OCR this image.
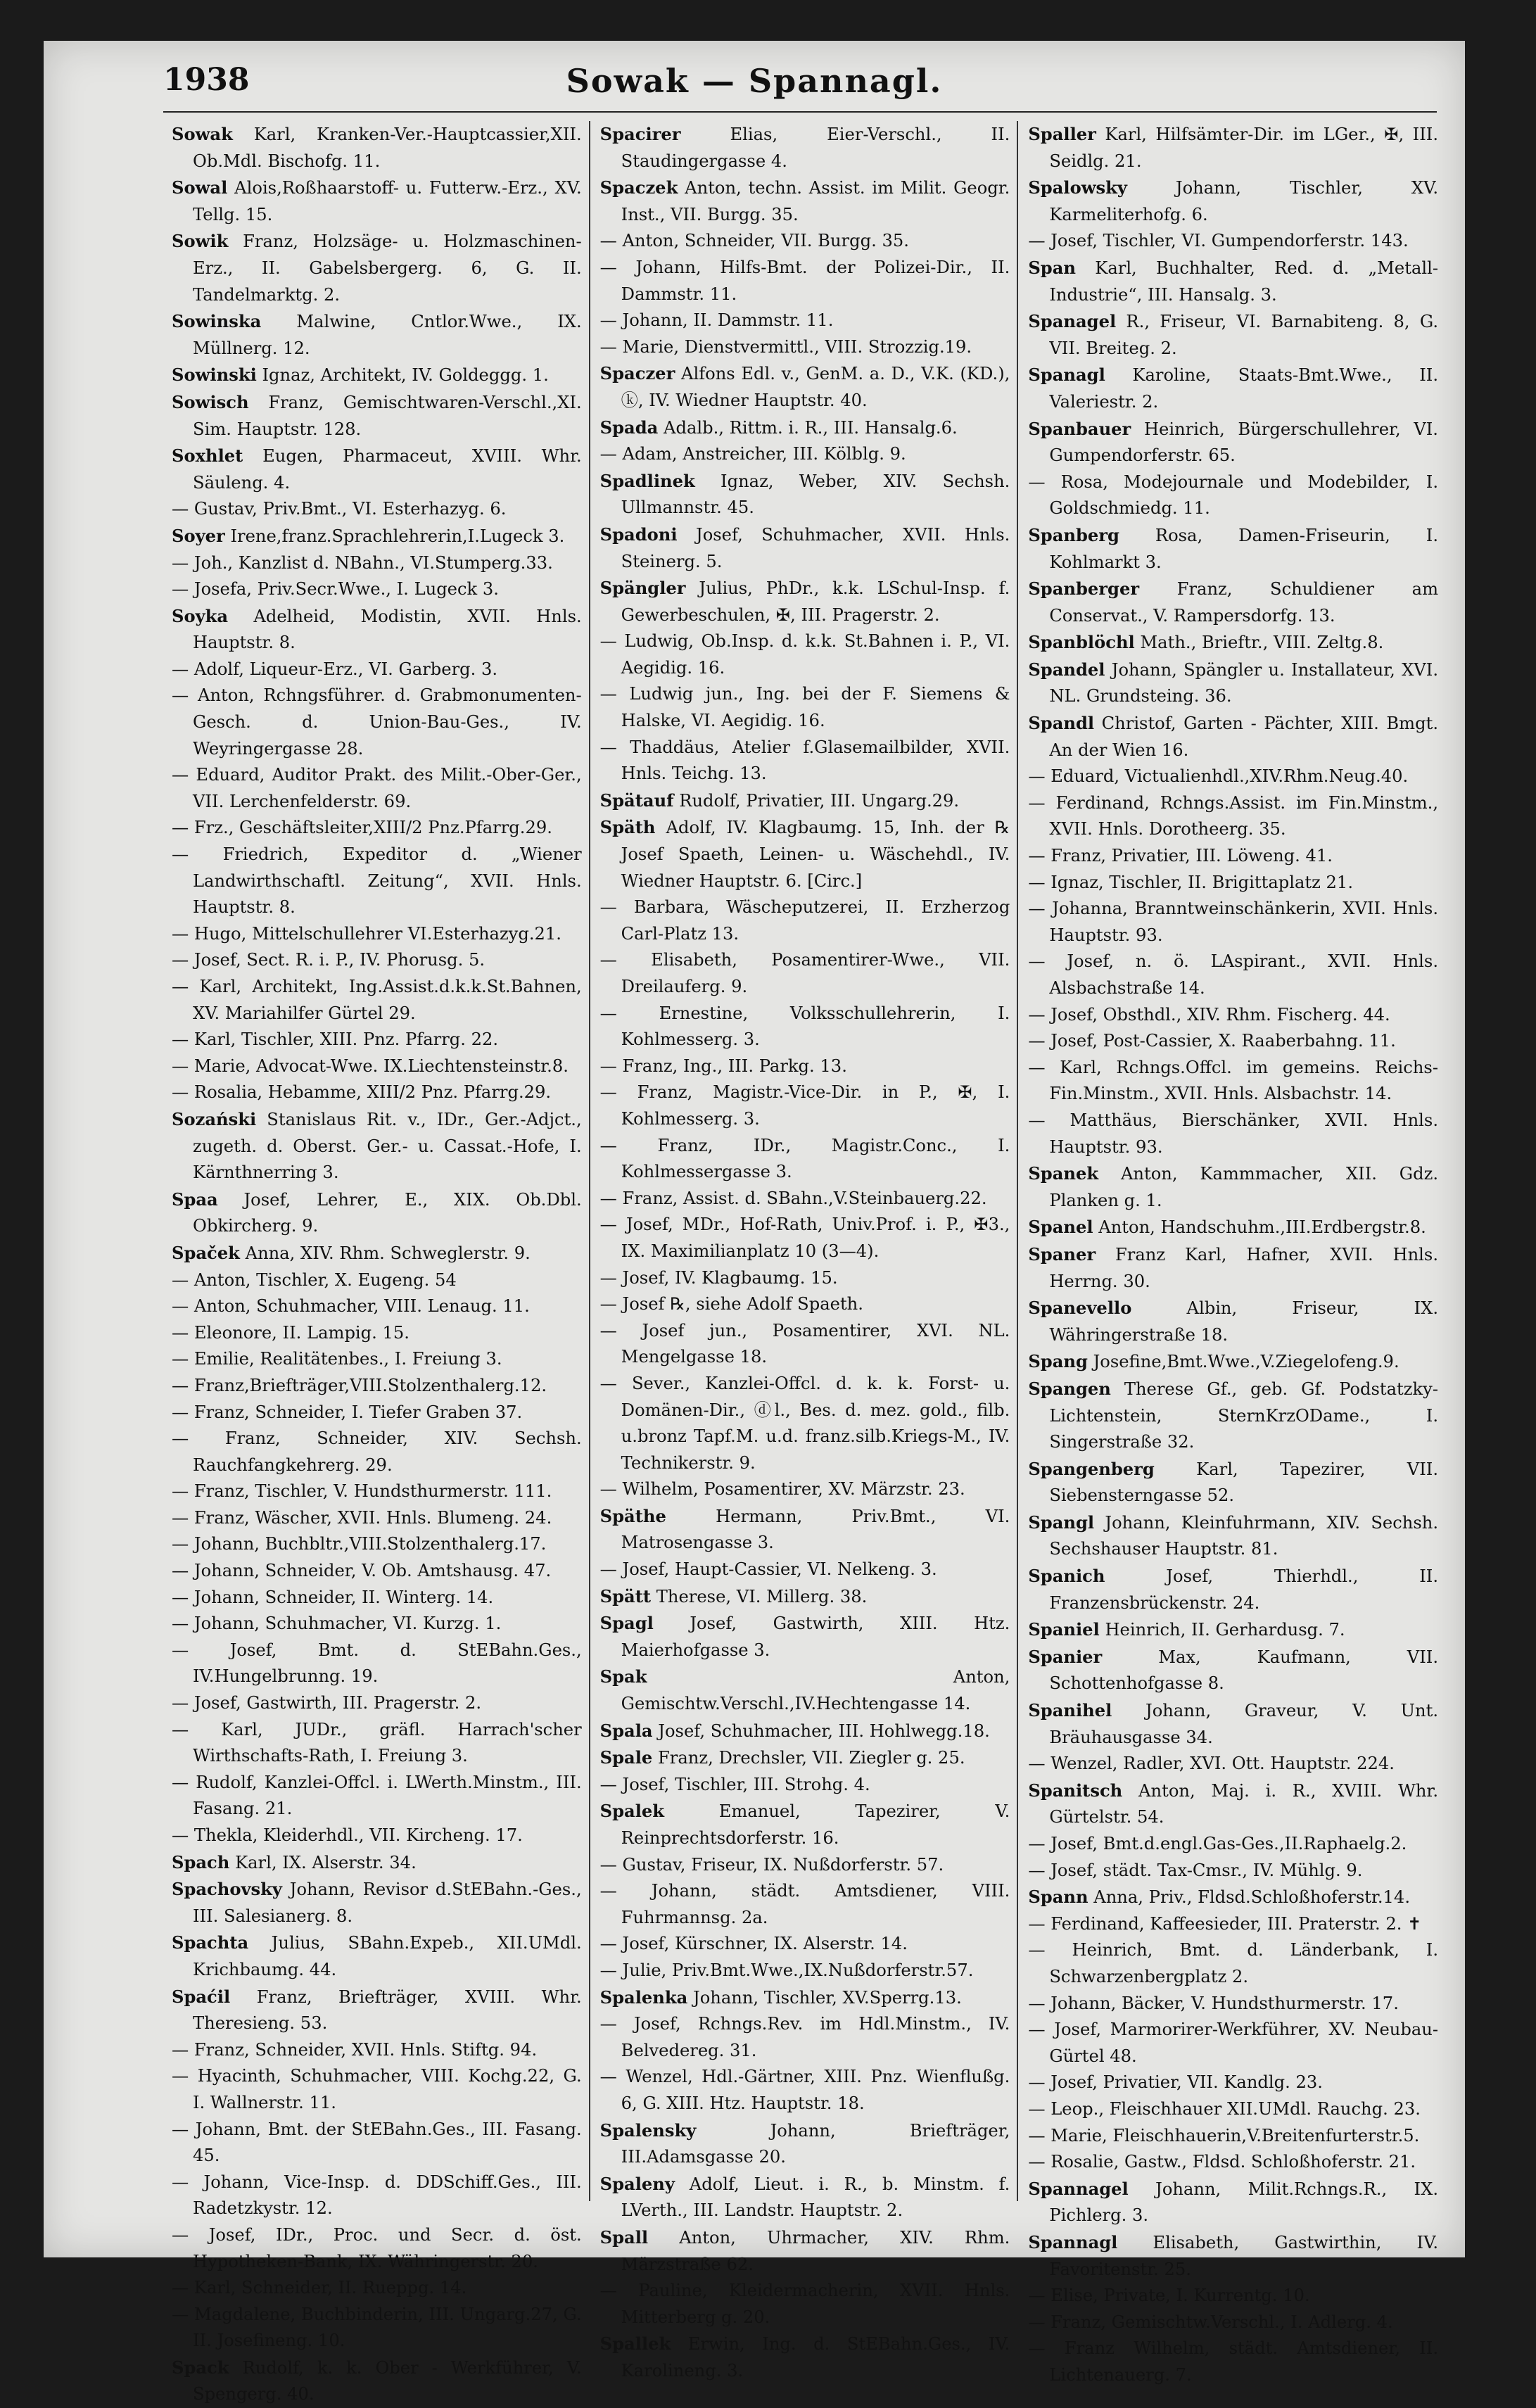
1938	Sowak — Spannagl.

Sowak Karl, Kranken-Ver.-Hauptcassier,XII. Ob.Mdl. Bischofg. 11.

Sowal Alois,Roßhaarstoff- u. Futterw.-Erz., XV. Tellg. 15.

Sowik Franz, Holzsäge- u. Holzmaschinen-Erz., II. Gabelsbergerg. 6, G. II. Tandelmarktg. 2.

Sowinska Malwine, Cntlor.Wwe., IX. Müllnerg. 12.

Sowinski Ignaz, Architekt, IV. Goldeggg. 1.

Sowisch Franz, Gemischtwaren-Verschl.,XI. Sim. Hauptstr. 128.

Soxhlet Eugen, Pharmaceut, XVIII. Whr. Säuleng. 4.

— Gustav, Priv.Bmt., VI. Esterhazyg. 6.

Soyer Irene,franz.Sprachlehrerin,I.Lugeck 3.

— Joh., Kanzlist d. NBahn., VI.Stumperg.33.

— Josefa, Priv.Secr.Wwe., I. Lugeck 3.

Soyka Adelheid, Modistin, XVII. Hnls. Hauptstr. 8.

— Adolf, Liqueur-Erz., VI. Garberg. 3.

— Anton, Rchngsführer. d. Grabmonumenten-Gesch. d. Union-Bau-Ges., IV. Weyringergasse 28.

— Eduard, Auditor Prakt. des Milit.-Ober-Ger., VII. Lerchenfelderstr. 69.

— Frz., Geschäftsleiter,XIII/2 Pnz.Pfarrg.29.

— Friedrich, Expeditor d. „Wiener Landwirthschaftl. Zeitung“, XVII. Hnls. Hauptstr. 8.

— Hugo, Mittelschullehrer VI.Esterhazyg.21.

— Josef, Sect. R. i. P., IV. Phorusg. 5.

— Karl, Architekt, Ing.Assist.d.k.k.St.Bahnen, XV. Mariahilfer Gürtel 29.

— Karl, Tischler, XIII. Pnz. Pfarrg. 22.

— Marie, Advocat-Wwe. IX.Liechtensteinstr.8.

— Rosalia, Hebamme, XIII/2 Pnz. Pfarrg.29.

Sozański Stanislaus Rit. v., IDr., Ger.-Adjct., zugeth. d. Oberst. Ger.- u. Cassat.-Hofe, I. Kärnthnerring 3.

Spaa Josef, Lehrer, E., XIX. Ob.Dbl. Obkircherg. 9.

Spaček Anna, XIV. Rhm. Schweglerstr. 9.

— Anton, Tischler, X. Eugeng. 54

— Anton, Schuhmacher, VIII. Lenaug. 11.

— Eleonore, II. Lampig. 15.

— Emilie, Realitätenbes., I. Freiung 3.

— Franz,Briefträger,VIII.Stolzenthalerg.12.

— Franz, Schneider, I. Tiefer Graben 37.

— Franz, Schneider, XIV. Sechsh. Rauchfangkehrerg. 29.

— Franz, Tischler, V. Hundsthurmerstr. 111.

— Franz, Wäscher, XVII. Hnls. Blumeng. 24.

— Johann, Buchbltr.,VIII.Stolzenthalerg.17.

— Johann, Schneider, V. Ob. Amtshausg. 47.

— Johann, Schneider, II. Winterg. 14.

— Johann, Schuhmacher, VI. Kurzg. 1.

— Josef, Bmt. d. StEBahn.Ges., IV.Hungelbrunng. 19.

— Josef, Gastwirth, III. Pragerstr. 2.

— Karl, JUDr., gräfl. Harrach'scher Wirthschafts-Rath, I. Freiung 3.

— Rudolf, Kanzlei-Offcl. i. LWerth.Minstm., III. Fasang. 21.

— Thekla, Kleiderhdl., VII. Kircheng. 17.

Spach Karl, IX. Alserstr. 34.

Spachovsky Johann, Revisor d.StEBahn.-Ges., III. Salesianerg. 8.

Spachta Julius, SBahn.Expeb., XII.UMdl. Krichbaumg. 44.

Spaćil Franz, Briefträger, XVIII. Whr. Theresieng. 53.

— Franz, Schneider, XVII. Hnls. Stiftg. 94.

— Hyacinth, Schuhmacher, VIII. Kochg.22, G. I. Wallnerstr. 11.

— Johann, Bmt. der StEBahn.Ges., III. Fasang. 45.

— Johann, Vice-Insp. d. DDSchiff.Ges., III. Radetzkystr. 12.

— Josef, IDr., Proc. und Secr. d. öst. Hypotheken-Bank, IX. Währingerstr. 20.

— Karl, Schneider, II. Rueppg. 14.

— Magdalene, Buchbinderin, III. Ungarg.27, G. II. Josefineng. 10.

Spack Rudolf, k. k. Ober - Werkführer, V. Spengerg. 40.

Spacirer Elias, Eier-Verschl., II. Staudingergasse 4.

Spaczek Anton, techn. Assist. im Milit. Geogr. Inst., VII. Burgg. 35.

— Anton, Schneider, VII. Burgg. 35.

— Johann, Hilfs-Bmt. der Polizei-Dir., II. Dammstr. 11.

— Johann, II. Dammstr. 11.

— Marie, Dienstvermittl., VIII. Strozzig.19.

Spaczer Alfons Edl. v., GenM. a. D., V.K. (KD.), ⓚ, IV. Wiedner Hauptstr. 40.

Spada Adalb., Rittm. i. R., III. Hansalg.6.

— Adam, Anstreicher, III. Kölblg. 9.

Spadlinek Ignaz, Weber, XIV. Sechsh. Ullmannstr. 45.

Spadoni Josef, Schuhmacher, XVII. Hnls. Steinerg. 5.

Spängler Julius, PhDr., k.k. LSchul-Insp. f. Gewerbeschulen, ✠, III. Pragerstr. 2.

— Ludwig, Ob.Insp. d. k.k. St.Bahnen i. P., VI. Aegidig. 16.

— Ludwig jun., Ing. bei der F. Siemens & Halske, VI. Aegidig. 16.

— Thaddäus, Atelier f.Glasemailbilder, XVII. Hnls. Teichg. 13.

Spätauf Rudolf, Privatier, III. Ungarg.29.

Späth Adolf, IV. Klagbaumg. 15, Inh. der ℞ Josef Spaeth, Leinen- u. Wäschehdl., IV. Wiedner Hauptstr. 6. [Circ.]

— Barbara, Wäscheputzerei, II. Erzherzog Carl-Platz 13.

— Elisabeth, Posamentirer-Wwe., VII. Dreilauferg. 9.

— Ernestine, Volksschullehrerin, I. Kohlmesserg. 3.

— Franz, Ing., III. Parkg. 13.

— Franz, Magistr.-Vice-Dir. in P., ✠, I. Kohlmesserg. 3.

— Franz, IDr., Magistr.Conc., I. Kohlmessergasse 3.

— Franz, Assist. d. SBahn.,V.Steinbauerg.22.

— Josef, MDr., Hof-Rath, Univ.Prof. i. P., ✠3., IX. Maximilianplatz 10 (3—4).

— Josef, IV. Klagbaumg. 15.

— Josef ℞, siehe Adolf Spaeth.

— Josef jun., Posamentirer, XVI. NL. Mengelgasse 18.

— Sever., Kanzlei-Offcl. d. k. k. Forst- u. Domänen-Dir., ⓓl., Bes. d. mez. gold., filb. u.bronz Tapf.M. u.d. franz.silb.Kriegs-M., IV. Technikerstr. 9.

— Wilhelm, Posamentirer, XV. Märzstr. 23.

Späthe Hermann, Priv.Bmt., VI. Matrosengasse 3.

— Josef, Haupt-Cassier, VI. Nelkeng. 3.

Spätt Therese, VI. Millerg. 38.

Spagl Josef, Gastwirth, XIII. Htz. Maierhofgasse 3.

Spak Anton, Gemischtw.Verschl.,IV.Hechtengasse 14.

Spala Josef, Schuhmacher, III. Hohlwegg.18.

Spale Franz, Drechsler, VII. Ziegler g. 25.

— Josef, Tischler, III. Strohg. 4.

Spalek Emanuel, Tapezirer, V. Reinprechtsdorferstr. 16.

— Gustav, Friseur, IX. Nußdorferstr. 57.

— Johann, städt. Amtsdiener, VIII. Fuhrmannsg. 2a.

— Josef, Kürschner, IX. Alserstr. 14.

— Julie, Priv.Bmt.Wwe.,IX.Nußdorferstr.57.

Spalenka Johann, Tischler, XV.Sperrg.13.

— Josef, Rchngs.Rev. im Hdl.Minstm., IV. Belvedereg. 31.

— Wenzel, Hdl.-Gärtner, XIII. Pnz. Wienflußg. 6, G. XIII. Htz. Hauptstr. 18.

Spalensky Johann, Briefträger, III.Adamsgasse 20.

Spaleny Adolf, Lieut. i. R., b. Minstm. f. LVerth., III. Landstr. Hauptstr. 2.

Spall Anton, Uhrmacher, XIV. Rhm. Märzstraße 62.

— Pauline, Kleidermacherin, XVII. Hnls. Mitterberg g. 20.

Spallek Erwin, Ing. d. StEBahn.Ges., IV. Karolineng. 3.

Spaller Karl, Hilfsämter-Dir. im LGer., ✠, III. Seidlg. 21.

Spalowsky Johann, Tischler, XV. Karmeliterhofg. 6.

— Josef, Tischler, VI. Gumpendorferstr. 143.

Span Karl, Buchhalter, Red. d. „Metall-Industrie“, III. Hansalg. 3.

Spanagel R., Friseur, VI. Barnabiteng. 8, G. VII. Breiteg. 2.

Spanagl Karoline, Staats-Bmt.Wwe., II. Valeriestr. 2.

Spanbauer Heinrich, Bürgerschullehrer, VI. Gumpendorferstr. 65.

— Rosa, Modejournale und Modebilder, I. Goldschmiedg. 11.

Spanberg Rosa, Damen-Friseurin, I. Kohlmarkt 3.

Spanberger Franz, Schuldiener am Conservat., V. Rampersdorfg. 13.

Spanblöchl Math., Brieftr., VIII. Zeltg.8.

Spandel Johann, Spängler u. Installateur, XVI. NL. Grundsteing. 36.

Spandl Christof, Garten - Pächter, XIII. Bmgt. An der Wien 16.

— Eduard, Victualienhdl.,XIV.Rhm.Neug.40.

— Ferdinand, Rchngs.Assist. im Fin.Minstm., XVII. Hnls. Dorotheerg. 35.

— Franz, Privatier, III. Löweng. 41.

— Ignaz, Tischler, II. Brigittaplatz 21.

— Johanna, Branntweinschänkerin, XVII. Hnls. Hauptstr. 93.

— Josef, n. ö. LAspirant., XVII. Hnls. Alsbachstraße 14.

— Josef, Obsthdl., XIV. Rhm. Fischerg. 44.

— Josef, Post-Cassier, X. Raaberbahng. 11.

— Karl, Rchngs.Offcl. im gemeins. Reichs-Fin.Minstm., XVII. Hnls. Alsbachstr. 14.

— Matthäus, Bierschänker, XVII. Hnls. Hauptstr. 93.

Spanek Anton, Kammmacher, XII. Gdz. Planken g. 1.

Spanel Anton, Handschuhm.,III.Erdbergstr.8.

Spaner Franz Karl, Hafner, XVII. Hnls. Herrng. 30.

Spanevello Albin, Friseur, IX. Währingerstraße 18.

Spang Josefine,Bmt.Wwe.,V.Ziegelofeng.9.

Spangen Therese Gf., geb. Gf. Podstatzky-Lichtenstein, SternKrzODame., I. Singerstraße 32.

Spangenberg Karl, Tapezirer, VII. Siebensterngasse 52.

Spangl Johann, Kleinfuhrmann, XIV. Sechsh. Sechshauser Hauptstr. 81.

Spanich Josef, Thierhdl., II. Franzensbrückenstr. 24.

Spaniel Heinrich, II. Gerhardusg. 7.

Spanier Max, Kaufmann, VII. Schottenhofgasse 8.

Spanihel Johann, Graveur, V. Unt. Bräuhausgasse 34.

— Wenzel, Radler, XVI. Ott. Hauptstr. 224.

Spanitsch Anton, Maj. i. R., XVIII. Whr. Gürtelstr. 54.

— Josef, Bmt.d.engl.Gas-Ges.,II.Raphaelg.2.

— Josef, städt. Tax-Cmsr., IV. Mühlg. 9.

Spann Anna, Priv., Fldsd.Schloßhoferstr.14.

— Ferdinand, Kaffeesieder, III. Praterstr. 2. ✝

— Heinrich, Bmt. d. Länderbank, I. Schwarzenbergplatz 2.

— Johann, Bäcker, V. Hundsthurmerstr. 17.

— Josef, Marmorirer-Werkführer, XV. Neubau-Gürtel 48.

— Josef, Privatier, VII. Kandlg. 23.

— Leop., Fleischhauer XII.UMdl. Rauchg. 23.

— Marie, Fleischhauerin,V.Breitenfurterstr.5.

— Rosalie, Gastw., Fldsd. Schloßhoferstr. 21.

Spannagel Johann, Milit.Rchngs.R., IX. Pichlerg. 3.

Spannagl Elisabeth, Gastwirthin, IV. Favoritenstr. 25.

— Elise, Private, I. Kurrentg. 10.

— Franz, Gemischtw.Verschl., I. Adlerg. 4.

— Franz Wilhelm, städt. Amtsdiener, II. Lichtenauerg. 7.
